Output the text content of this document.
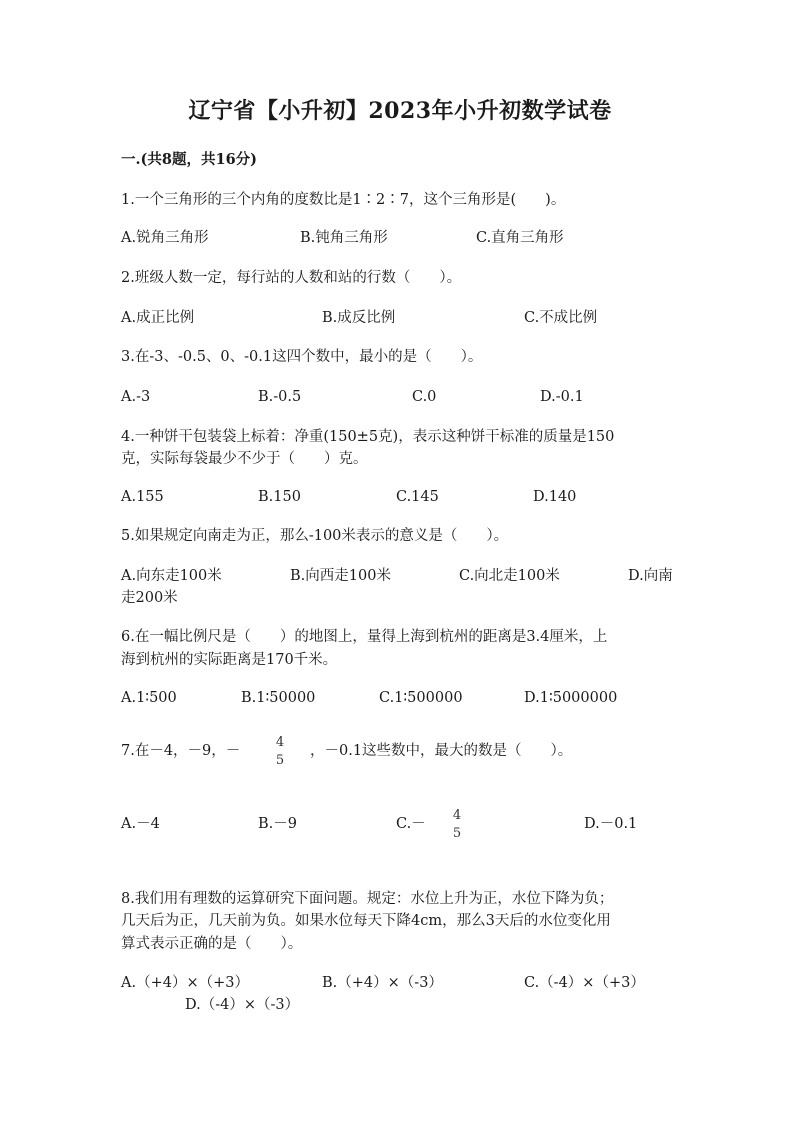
辽宁省【小升初】2023年小升初数学试卷
一.(共8题，共16分)
1.一个三角形的三个内角的度数比是1∶2∶7，这个三角形是(　　)。
A.锐角三角形	B.钝角三角形	C.直角三角形
2.班级人数一定，每行站的人数和站的行数（　　）。
A.成正比例	B.成反比例	C.不成比例
3.在-3、-0.5、0、-0.1这四个数中，最小的是（　　）。
A.-3	B.-0.5	C.0	D.-0.1
4.一种饼干包装袋上标着：净重(150±5克)，表示这种饼干标准的质量是150
克，实际每袋最少不少于（　　）克。
A.155	B.150	C.145	D.140
5.如果规定向南走为正，那么-100米表示的意义是（　　）。
A.向东走100米	B.向西走100米	C.向北走100米	D.向南
走200米
6.在一幅比例尺是（　　）的地图上，量得上海到杭州的距离是3.4厘米，上
海到杭州的实际距离是170千米。
A.1∶500	B.1∶50000	C.1∶500000	D.1∶5000000
7.在－4，－9，－
4
5
，－0.1这些数中，最大的数是（　　）。
A.－4	B.－9	C.－
4
5
D.－0.1
8.我们用有理数的运算研究下面问题。规定：水位上升为正，水位下降为负；
几天后为正，几天前为负。如果水位每天下降4cm，那么3天后的水位变化用
算式表示正确的是（　　）。
A.（+4）×（+3）	B.（+4）×（-3）	C.（-4）×（+3）
D.（-4）×（-3）
